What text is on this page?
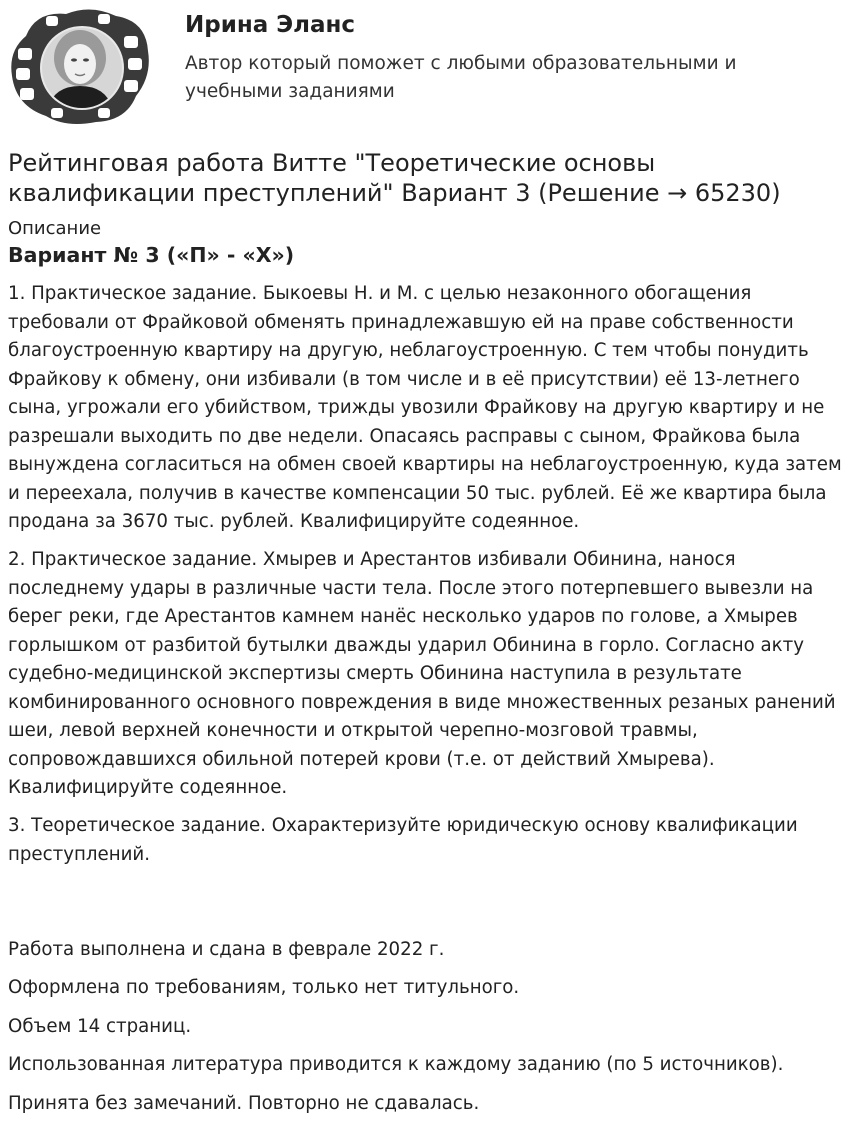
Ирина Эланс
Автор который поможет с любыми образовательными и учебными заданиями
Рейтинговая работа Витте "Теоретические основы квалификации преступлений" Вариант 3 (Решение → 65230)
Описание
Вариант № 3 («П» - «Х»)

1. Практическое задание. Быкоевы Н. и М. с целью незаконного обогащения требовали от Фрайковой обменять принадлежавшую ей на праве собственности благоустроенную квартиру на другую, неблагоустроенную. С тем чтобы понудить Фрайкову к обмену, они избивали (в том числе и в её присутствии) её 13-летнего сына, угрожали его убийством, трижды увозили Фрайкову на другую квартиру и не разрешали выходить по две недели. Опасаясь расправы с сыном, Фрайкова была вынуждена согласиться на обмен своей квартиры на неблагоустроенную, куда затем и переехала, получив в качестве компенсации 50 тыс. рублей. Её же квартира была продана за 3670 тыс. рублей. Квалифицируйте содеянное.

2. Практическое задание. Хмырев и Арестантов избивали Обинина, нанося последнему удары в различные части тела. После этого потерпевшего вывезли на берег реки, где Арестантов камнем нанёс несколько ударов по голове, а Хмырев горлышком от разбитой бутылки дважды ударил Обинина в горло. Согласно акту судебно-медицинской экспертизы смерть Обинина наступила в результате комбинированного основного повреждения в виде множественных резаных ранений шеи, левой верхней конечности и открытой черепно-мозговой травмы, сопровождавшихся обильной потерей крови (т.е. от действий Хмырева). Квалифицируйте содеянное.

3. Теоретическое задание. Охарактеризуйте юридическую основу квалификации преступлений.

Работа выполнена и сдана в феврале 2022 г.

Оформлена по требованиям, только нет титульного.

Объем 14 страниц.

Использованная литература приводится к каждому заданию (по 5 источников).

Принята без замечаний. Повторно не сдавалась.
